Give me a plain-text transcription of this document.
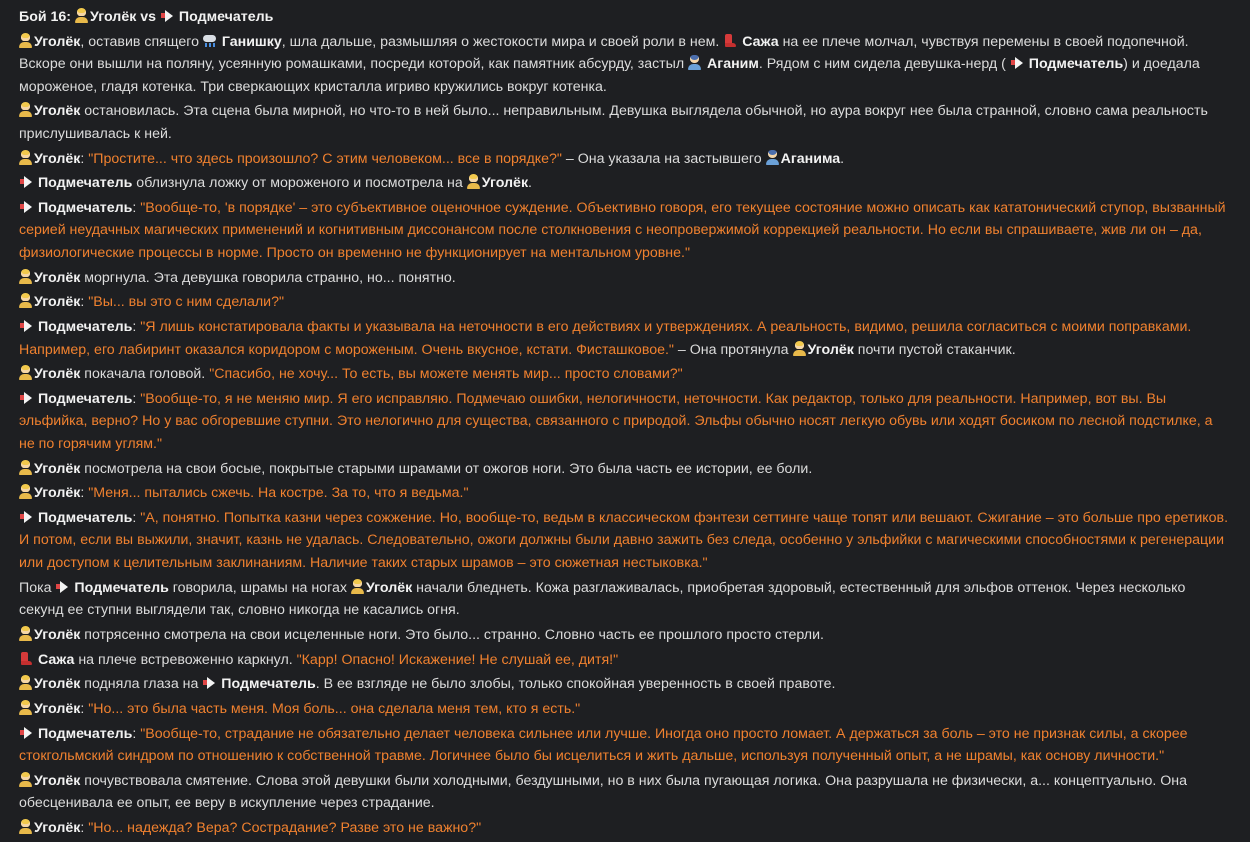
Бой 16: Уголёк vs  Подмечатель
Уголёк, оставив спящего  Ганишку, шла дальше, размышляя о жестокости мира и своей роли в нем.  Сажа на ее плече молчал, чувствуя перемены в своей подопечной. Вскоре они вышли на поляну, усеянную ромашками, посреди которой, как памятник абсурду, застыл  Аганим. Рядом с ним сидела девушка-нерд (  Подмечатель) и доедала мороженое, гладя котенка. Три сверкающих кристалла игриво кружились вокруг котенка.
Уголёк остановилась. Эта сцена была мирной, но что-то в ней было... неправильным. Девушка выглядела обычной, но аура вокруг нее была странной, словно сама реальность прислушивалась к ней.
Уголёк: "Простите... что здесь произошло? С этим человеком... все в порядке?" – Она указала на застывшего Аганима.
Подмечатель облизнула ложку от мороженого и посмотрела на Уголёк.
Подмечатель: "Вообще-то, 'в порядке' – это субъективное оценочное суждение. Объективно говоря, его текущее состояние можно описать как кататонический ступор, вызванный серией неудачных магических применений и когнитивным диссонансом после столкновения с неопровержимой коррекцией реальности. Но если вы спрашиваете, жив ли он – да, физиологические процессы в норме. Просто он временно не функционирует на ментальном уровне."
Уголёк моргнула. Эта девушка говорила странно, но... понятно.
Уголёк: "Вы... вы это с ним сделали?"
Подмечатель: "Я лишь констатировала факты и указывала на неточности в его действиях и утверждениях. А реальность, видимо, решила согласиться с моими поправками. Например, его лабиринт оказался коридором с мороженым. Очень вкусное, кстати. Фисташковое." – Она протянула Уголёк почти пустой стаканчик.
Уголёк покачала головой. "Спасибо, не хочу... То есть, вы можете менять мир... просто словами?"
Подмечатель: "Вообще-то, я не меняю мир. Я его исправляю. Подмечаю ошибки, нелогичности, неточности. Как редактор, только для реальности. Например, вот вы. Вы эльфийка, верно? Но у вас обгоревшие ступни. Это нелогично для существа, связанного с природой. Эльфы обычно носят легкую обувь или ходят босиком по лесной подстилке, а не по горячим углям."
Уголёк посмотрела на свои босые, покрытые старыми шрамами от ожогов ноги. Это была часть ее истории, ее боли.
Уголёк: "Меня... пытались сжечь. На костре. За то, что я ведьма."
Подмечатель: "А, понятно. Попытка казни через сожжение. Но, вообще-то, ведьм в классическом фэнтези сеттинге чаще топят или вешают. Сжигание – это больше про еретиков. И потом, если вы выжили, значит, казнь не удалась. Следовательно, ожоги должны были давно зажить без следа, особенно у эльфийки с магическими способностями к регенерации или доступом к целительным заклинаниям. Наличие таких старых шрамов – это сюжетная нестыковка."
Пока  Подмечатель говорила, шрамы на ногах Уголёк начали бледнеть. Кожа разглаживалась, приобретая здоровый, естественный для эльфов оттенок. Через несколько секунд ее ступни выглядели так, словно никогда не касались огня.
Уголёк потрясенно смотрела на свои исцеленные ноги. Это было... странно. Словно часть ее прошлого просто стерли.
Сажа на плече встревоженно каркнул. "Карр! Опасно! Искажение! Не слушай ее, дитя!"
Уголёк подняла глаза на  Подмечатель. В ее взгляде не было злобы, только спокойная уверенность в своей правоте.
Уголёк: "Но... это была часть меня. Моя боль... она сделала меня тем, кто я есть."
Подмечатель: "Вообще-то, страдание не обязательно делает человека сильнее или лучше. Иногда оно просто ломает. А держаться за боль – это не признак силы, а скорее стокгольмский синдром по отношению к собственной травме. Логичнее было бы исцелиться и жить дальше, используя полученный опыт, а не шрамы, как основу личности."
Уголёк почувствовала смятение. Слова этой девушки были холодными, бездушными, но в них была пугающая логика. Она разрушала не физически, а... концептуально. Она обесценивала ее опыт, ее веру в искупление через страдание.
Уголёк: "Но... надежда? Вера? Сострадание? Разве это не важно?"
